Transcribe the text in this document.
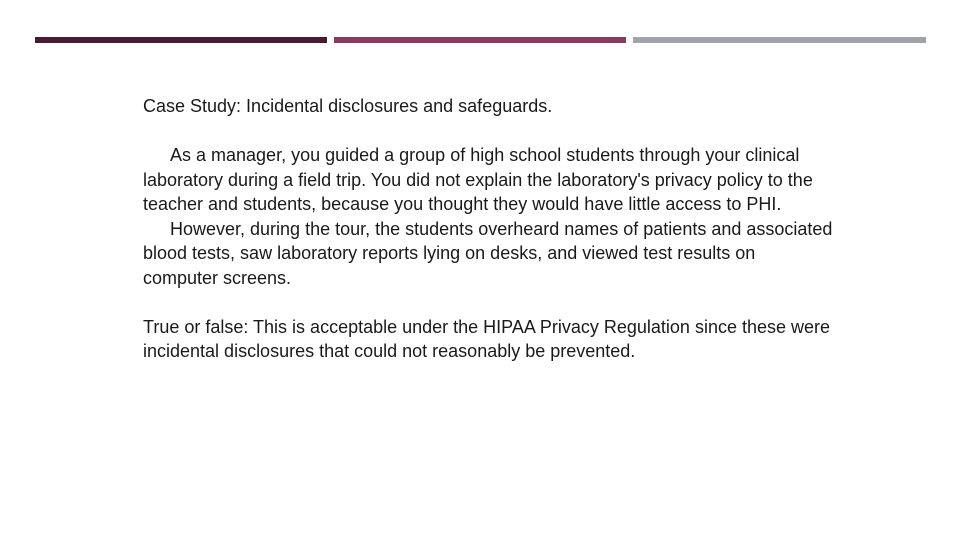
Case Study: Incidental disclosures and safeguards.

As a manager, you guided a group of high school students through your clinical laboratory during a field trip. You did not explain the laboratory's privacy policy to the teacher and students, because you thought they would have little access to PHI.

However, during the tour, the students overheard names of patients and associated blood tests, saw laboratory reports lying on desks, and viewed test results on computer screens.

True or false: This is acceptable under the HIPAA Privacy Regulation since these were incidental disclosures that could not reasonably be prevented.
